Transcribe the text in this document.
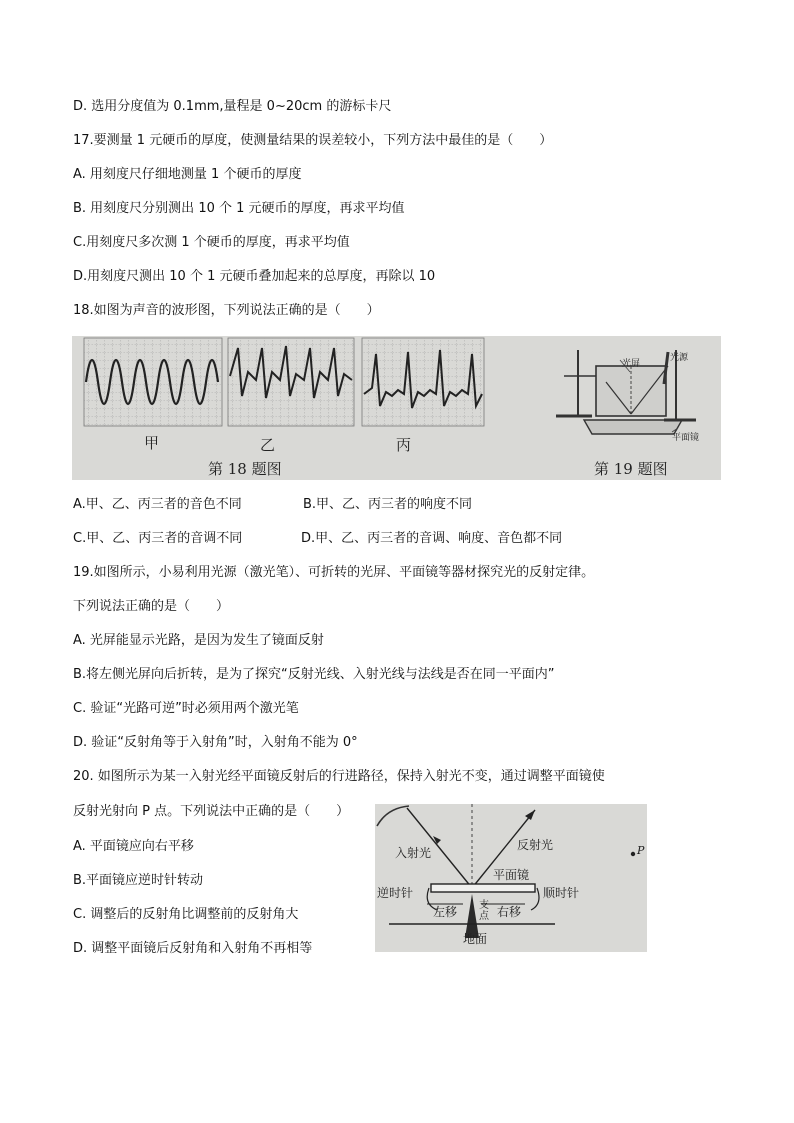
D. 选用分度值为 0.1mm,量程是 0~20cm 的游标卡尺
17.要测量 1 元硬币的厚度，使测量结果的误差较小，下列方法中最佳的是（　　）
A. 用刻度尺仔细地测量 1 个硬币的厚度
B. 用刻度尺分别测出 10 个 1 元硬币的厚度，再求平均值
C.用刻度尺多次测 1 个硬币的厚度，再求平均值
D.用刻度尺测出 10 个 1 元硬币叠加起来的总厚度，再除以 10
18.如图为声音的波形图，下列说法正确的是（　　）
甲	乙	丙
第 18 题图	第 19 题图
光屏
光源
平面镜
A.甲、乙、丙三者的音色不同	B.甲、乙、丙三者的响度不同
C.甲、乙、丙三者的音调不同	D.甲、乙、丙三者的音调、响度、音色都不同
19.如图所示，小易利用光源（激光笔）、可折转的光屏、平面镜等器材探究光的反射定律。
下列说法正确的是（　　）
A. 光屏能显示光路，是因为发生了镜面反射
B.将左侧光屏向后折转，是为了探究“反射光线、入射光线与法线是否在同一平面内”
C. 验证“光路可逆”时必须用两个激光笔
D. 验证“反射角等于入射角”时，入射角不能为 0°
20. 如图所示为某一入射光经平面镜反射后的行进路径，保持入射光不变，通过调整平面镜使
反射光射向 P 点。下列说法中正确的是（　　）
A. 平面镜应向右平移
B.平面镜应逆时针转动
C. 调整后的反射角比调整前的反射角大
D. 调整平面镜后反射角和入射角不再相等
入射光
反射光
平面镜
逆时针	顺时针
左移	右移
支点
地面
P
